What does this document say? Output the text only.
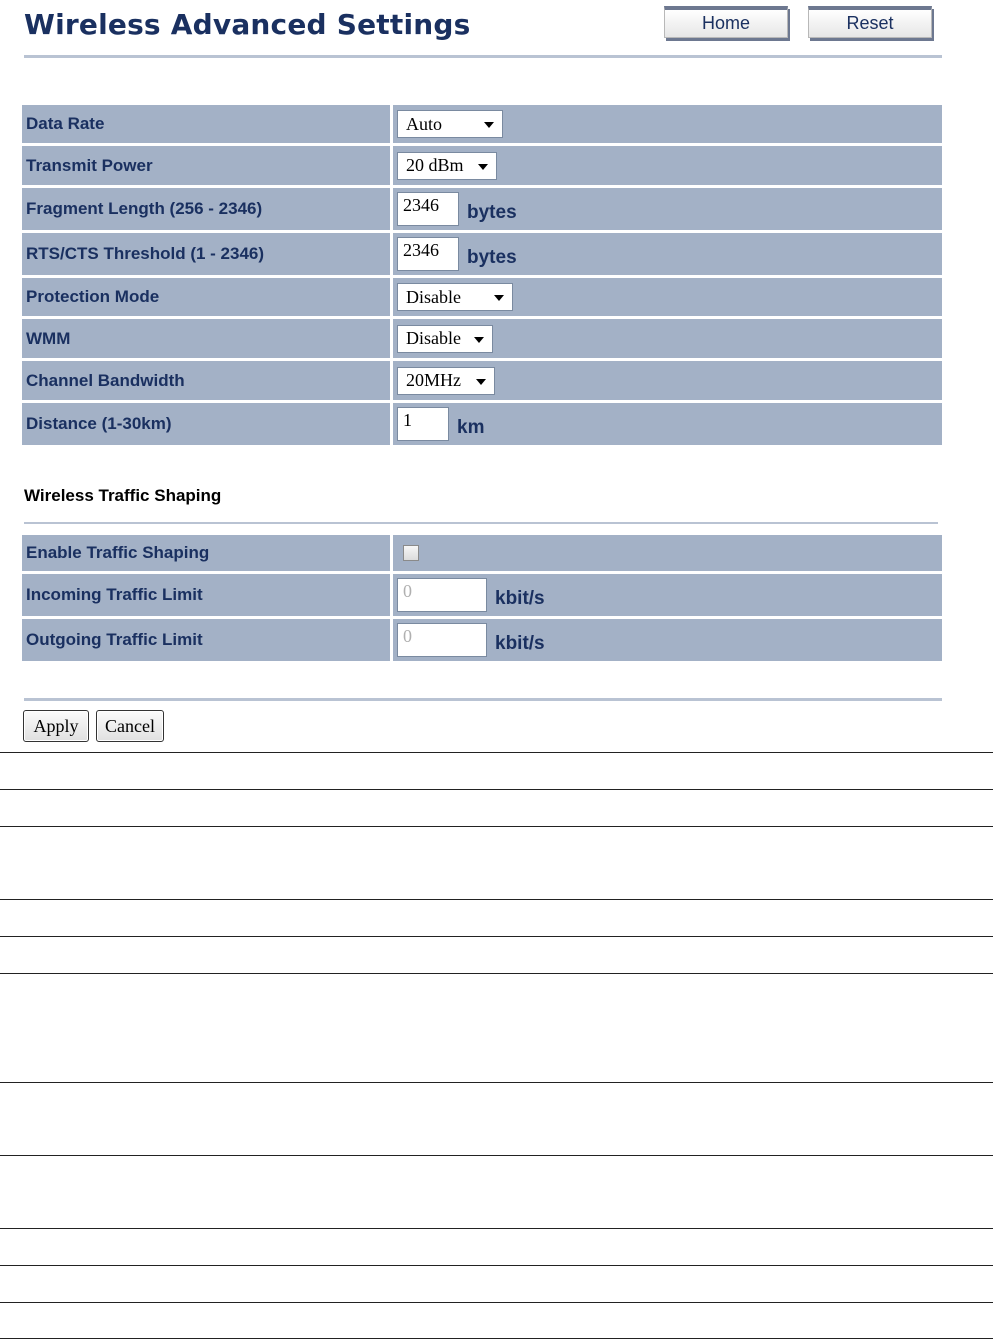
Wireless Advanced Settings	Home	Reset
Data Rate	Auto

Transmit Power	20 dBm

Fragment Length (256 - 2346)	2346 bytes

RTS/CTS Threshold (1 - 2346)	2346 bytes

Protection Mode	Disable

WMM	Disable

Channel Bandwidth	20MHz

Distance (1-30km)	1 km
Wireless Traffic Shaping
Enable Traffic Shaping	

Incoming Traffic Limit	0 kbit/s

Outgoing Traffic Limit	0 kbit/s
Apply	Cancel
